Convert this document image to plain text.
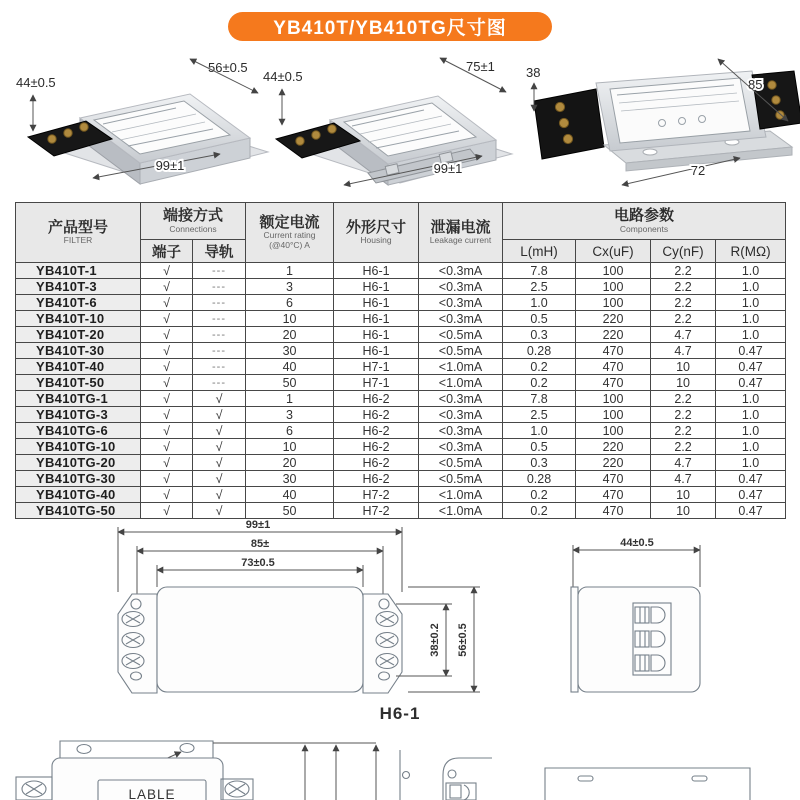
YB410T/YB410TG尺寸图
44±0.5
56±0.5
99±1
44±0.5
75±1
99±1
38
85
72
产品型号
FILTER

端接方式
Connections	额定电流
Current rating
(@40°C) A

外形尺寸
Housing

泄漏电流
Leakage current

电路参数
Components

	端子	导轨				L(mH)	Cx(uF)	Cy(nF)	R(MΩ)
YB410T-1	√	---	1	H6-1	<0.3mA	7.8	100	2.2	1.0
YB410T-3	√	---	3	H6-1	<0.3mA	2.5	100	2.2	1.0
YB410T-6	√	---	6	H6-1	<0.3mA	1.0	100	2.2	1.0
YB410T-10	√	---	10	H6-1	<0.3mA	0.5	220	2.2	1.0
YB410T-20	√	---	20	H6-1	<0.5mA	0.3	220	4.7	1.0
YB410T-30	√	---	30	H6-1	<0.5mA	0.28	470	4.7	0.47
YB410T-40	√	---	40	H7-1	<1.0mA	0.2	470	10	0.47
YB410T-50	√	---	50	H7-1	<1.0mA	0.2	470	10	0.47
YB410TG-1	√	√	1	H6-2	<0.3mA	7.8	100	2.2	1.0
YB410TG-3	√	√	3	H6-2	<0.3mA	2.5	100	2.2	1.0
YB410TG-6	√	√	6	H6-2	<0.3mA	1.0	100	2.2	1.0
YB410TG-10	√	√	10	H6-2	<0.3mA	0.5	220	2.2	1.0
YB410TG-20	√	√	20	H6-2	<0.5mA	0.3	220	4.7	1.0
YB410TG-30	√	√	30	H6-2	<0.5mA	0.28	470	4.7	0.47
YB410TG-40	√	√	40	H7-2	<1.0mA	0.2	470	10	0.47
YB410TG-50	√	√	50	H7-2	<1.0mA	0.2	470	10	0.47
99±1
85±
73±0.5
38±0.2 56±0.5
H6-1
44±0.5
LABLE
